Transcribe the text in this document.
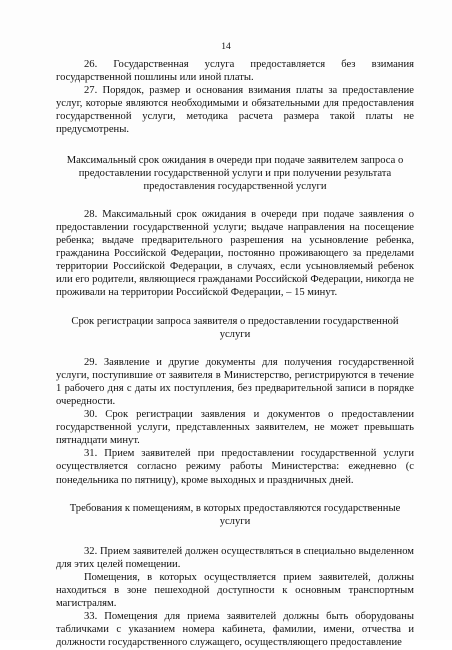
14

26. Государственная услуга предоставляется без взимания государственной пошлины или иной платы.

27. Порядок, размер и основания взимания платы за предоставление услуг, которые являются необходимыми и обязательными для предоставления государственной услуги, методика расчета размера такой платы не предусмотрены.

Максимальный срок ожидания в очереди при подаче заявителем запроса о предоставлении государственной услуги и при получении результата предоставления государственной услуги

28. Максимальный срок ожидания в очереди при подаче заявления о предоставлении государственной услуги; выдаче направления на посещение ребенка; выдаче предварительного разрешения на усыновление ребенка, гражданина Российской Федерации, постоянно проживающего за пределами территории Российской Федерации, в случаях, если усыновляемый ребенок или его родители, являющиеся гражданами Российской Федерации, никогда не проживали на территории Российской Федерации, – 15 минут.

Срок регистрации запроса заявителя о предоставлении государственной услуги

29. Заявление и другие документы для получения государственной услуги, поступившие от заявителя в Министерство, регистрируются в течение 1 рабочего дня с даты их поступления, без предварительной записи в порядке очередности.

30. Срок регистрации заявления и документов о предоставлении государственной услуги, представленных заявителем, не может превышать пятнадцати минут.

31. Прием заявителей при предоставлении государственной услуги осуществляется согласно режиму работы Министерства: ежедневно (с понедельника по пятницу), кроме выходных и праздничных дней.

Требования к помещениям, в которых предоставляются государственные услуги

32. Прием заявителей должен осуществляться в специально выделенном для этих целей помещении.

Помещения, в которых осуществляется прием заявителей, должны находиться в зоне пешеходной доступности к основным транспортным магистралям.

33. Помещения для приема заявителей должны быть оборудованы табличками с указанием номера кабинета, фамилии, имени, отчества и должности государственного служащего, осуществляющего предоставление
